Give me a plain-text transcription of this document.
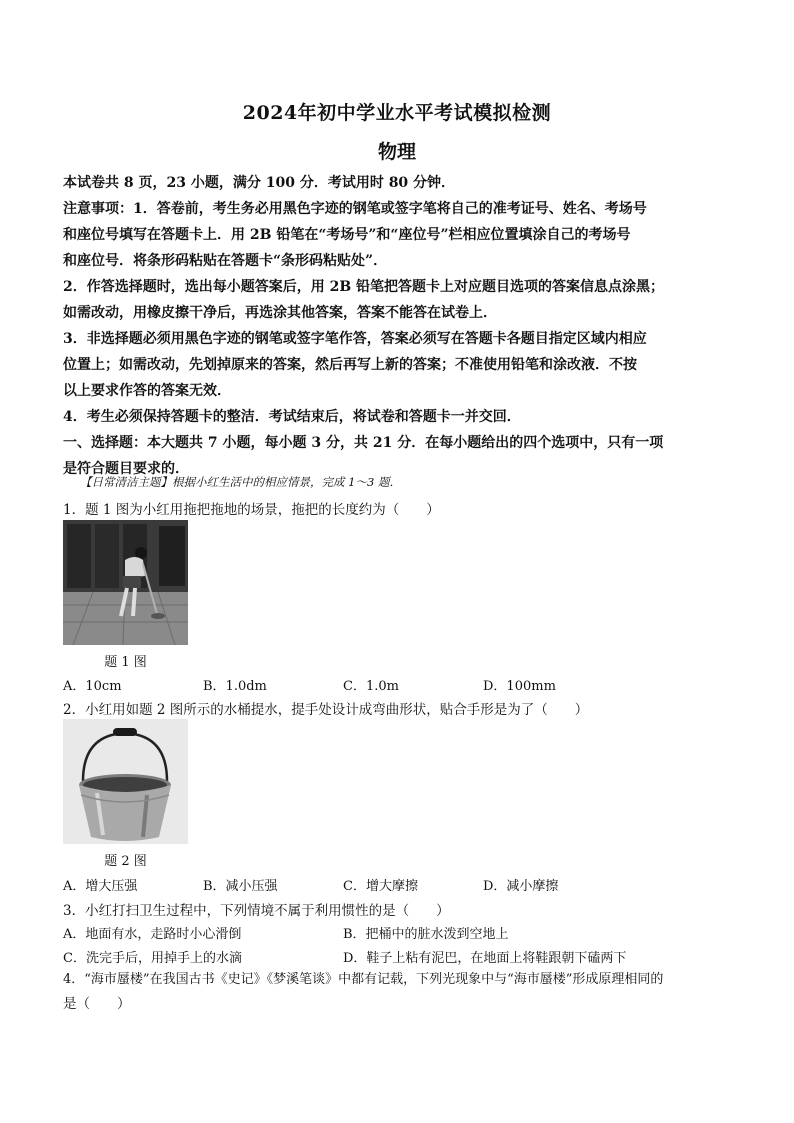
2024年初中学业水平考试模拟检测
物理
本试卷共 8 页，23 小题，满分 100 分．考试用时 80 分钟．
注意事项：1．答卷前，考生务必用黑色字迹的钢笔或签字笔将自己的准考证号、姓名、考场号
和座位号填写在答题卡上．用 2B 铅笔在“考场号”和“座位号”栏相应位置填涂自己的考场号
和座位号．将条形码粘贴在答题卡“条形码粘贴处”．
2．作答选择题时，选出每小题答案后，用 2B 铅笔把答题卡上对应题目选项的答案信息点涂黑；
如需改动，用橡皮擦干净后，再选涂其他答案，答案不能答在试卷上．
3．非选择题必须用黑色字迹的钢笔或签字笔作答，答案必须写在答题卡各题目指定区域内相应
位置上；如需改动，先划掉原来的答案，然后再写上新的答案；不准使用铅笔和涂改液．不按
以上要求作答的答案无效．
4．考生必须保持答题卡的整洁．考试结束后，将试卷和答题卡一并交回．
一、选择题：本大题共 7 小题，每小题 3 分，共 21 分．在每小题给出的四个选项中，只有一项
是符合题目要求的．
【日常清洁主题】根据小红生活中的相应情景，完成 1～3 题．
1．题 1 图为小红用拖把拖地的场景，拖把的长度约为（　　）
题 1 图
A．10cm	B．1.0dm	C．1.0m	D．100mm
2．小红用如题 2 图所示的水桶提水，提手处设计成弯曲形状，贴合手形是为了（　　）
题 2 图
A．增大压强	B．减小压强	C．增大摩擦	D．减小摩擦
3．小红打扫卫生过程中，下列情境不属于利用惯性的是（　　）
A．地面有水，走路时小心滑倒	B．把桶中的脏水泼到空地上
C．洗完手后，用掉手上的水滴	D．鞋子上粘有泥巴，在地面上将鞋跟朝下磕两下
4．“海市蜃楼”在我国古书《史记》《梦溪笔谈》中都有记载，下列光现象中与“海市蜃楼”形成原理相同的
是（　　）
